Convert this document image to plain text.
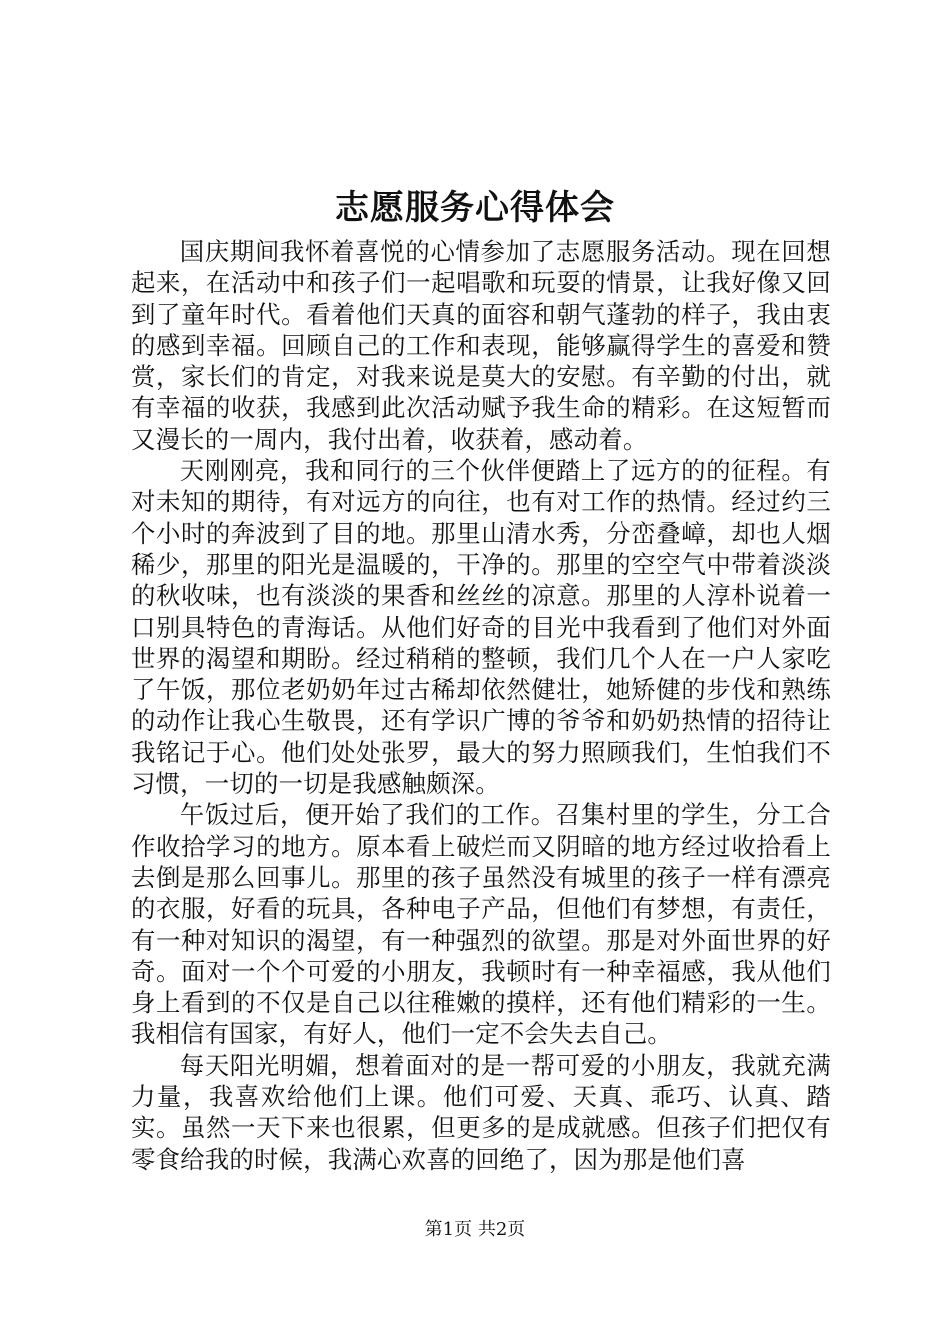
志愿服务心得体会

国庆期间我怀着喜悦的心情参加了志愿服务活动。现在回想起来，在活动中和孩子们一起唱歌和玩耍的情景，让我好像又回到了童年时代。看着他们天真的面容和朝气蓬勃的样子，我由衷的感到幸福。回顾自己的工作和表现，能够赢得学生的喜爱和赞赏，家长们的肯定，对我来说是莫大的安慰。有辛勤的付出，就有幸福的收获，我感到此次活动赋予我生命的精彩。在这短暂而又漫长的一周内，我付出着，收获着，感动着。

天刚刚亮，我和同行的三个伙伴便踏上了远方的的征程。有对未知的期待，有对远方的向往，也有对工作的热情。经过约三个小时的奔波到了目的地。那里山清水秀，分峦叠嶂，却也人烟稀少，那里的阳光是温暖的，干净的。那里的空空气中带着淡淡的秋收味，也有淡淡的果香和丝丝的凉意。那里的人淳朴说着一口别具特色的青海话。从他们好奇的目光中我看到了他们对外面世界的渴望和期盼。经过稍稍的整顿，我们几个人在一户人家吃了午饭，那位老奶奶年过古稀却依然健壮，她矫健的步伐和熟练的动作让我心生敬畏，还有学识广博的爷爷和奶奶热情的招待让我铭记于心。他们处处张罗，最大的努力照顾我们，生怕我们不习惯，一切的一切是我感触颇深。

午饭过后，便开始了我们的工作。召集村里的学生，分工合作收拾学习的地方。原本看上破烂而又阴暗的地方经过收拾看上去倒是那么回事儿。那里的孩子虽然没有城里的孩子一样有漂亮的衣服，好看的玩具，各种电子产品，但他们有梦想，有责任，有一种对知识的渴望，有一种强烈的欲望。那是对外面世界的好奇。面对一个个可爱的小朋友，我顿时有一种幸福感，我从他们身上看到的不仅是自己以往稚嫩的摸样，还有他们精彩的一生。我相信有国家，有好人，他们一定不会失去自己。

每天阳光明媚，想着面对的是一帮可爱的小朋友，我就充满力量，我喜欢给他们上课。他们可爱、天真、乖巧、认真、踏实。虽然一天下来也很累，但更多的是成就感。但孩子们把仅有零食给我的时候，我满心欢喜的回绝了，因为那是他们喜

第1页 共2页
